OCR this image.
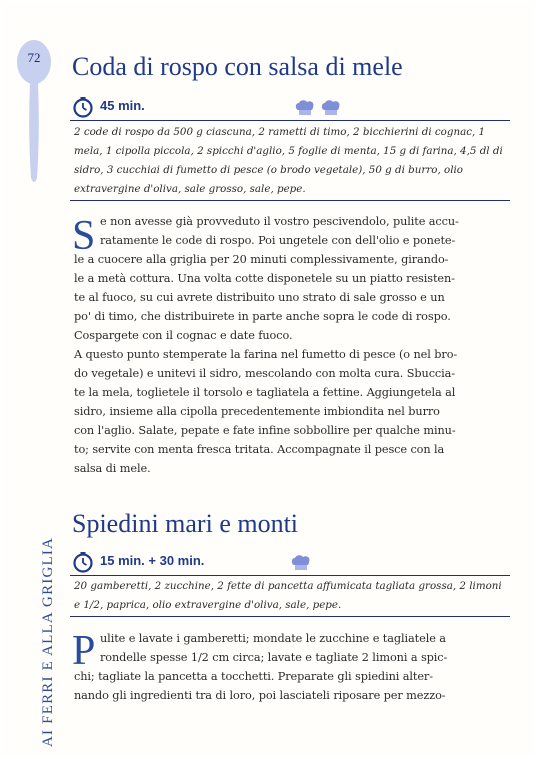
72
AI FERRI E ALLA GRIGLIA
Coda di rospo con salsa di mele
45 min.

2 code di rospo da 500 g ciascuna, 2 rametti di timo, 2 bicchierini di cognac, 1 mela, 1 cipolla piccola, 2 spicchi d'aglio, 5 foglie di menta, 15 g di farina, 4,5 dl di sidro, 3 cucchiai di fumetto di pesce (o brodo vegetale), 50 g di burro, olio extravergine d'oliva, sale grosso, sale, pepe.

S e non avesse già provveduto il vostro pescivendolo, pulite accu-
ratamente le code di rospo. Poi ungetele con dell'olio e ponete-
le a cuocere alla griglia per 20 minuti complessivamente, girando-
le a metà cottura. Una volta cotte disponetele su un piatto resisten-
te al fuoco, su cui avrete distribuito uno strato di sale grosso e un
po' di timo, che distribuirete in parte anche sopra le code di rospo.
Cospargete con il cognac e date fuoco.
A questo punto stemperate la farina nel fumetto di pesce (o nel bro-
do vegetale) e unitevi il sidro, mescolando con molta cura. Sbuccia-
te la mela, toglietele il torsolo e tagliatela a fettine. Aggiungetela al
sidro, insieme alla cipolla precedentemente imbiondita nel burro
con l'aglio. Salate, pepate e fate infine sobbollire per qualche minu-
to; servite con menta fresca tritata. Accompagnate il pesce con la
salsa di mele.
Spiedini mari e monti
15 min. + 30 min.

20 gamberetti, 2 zucchine, 2 fette di pancetta affumicata tagliata grossa, 2 limoni e 1/2, paprica, olio extravergine d'oliva, sale, pepe.

P ulite e lavate i gamberetti; mondate le zucchine e tagliatele a
rondelle spesse 1/2 cm circa; lavate e tagliate 2 limoni a spic-
chi; tagliate la pancetta a tocchetti. Preparate gli spiedini alter-
nando gli ingredienti tra di loro, poi lasciateli riposare per mezzo-
